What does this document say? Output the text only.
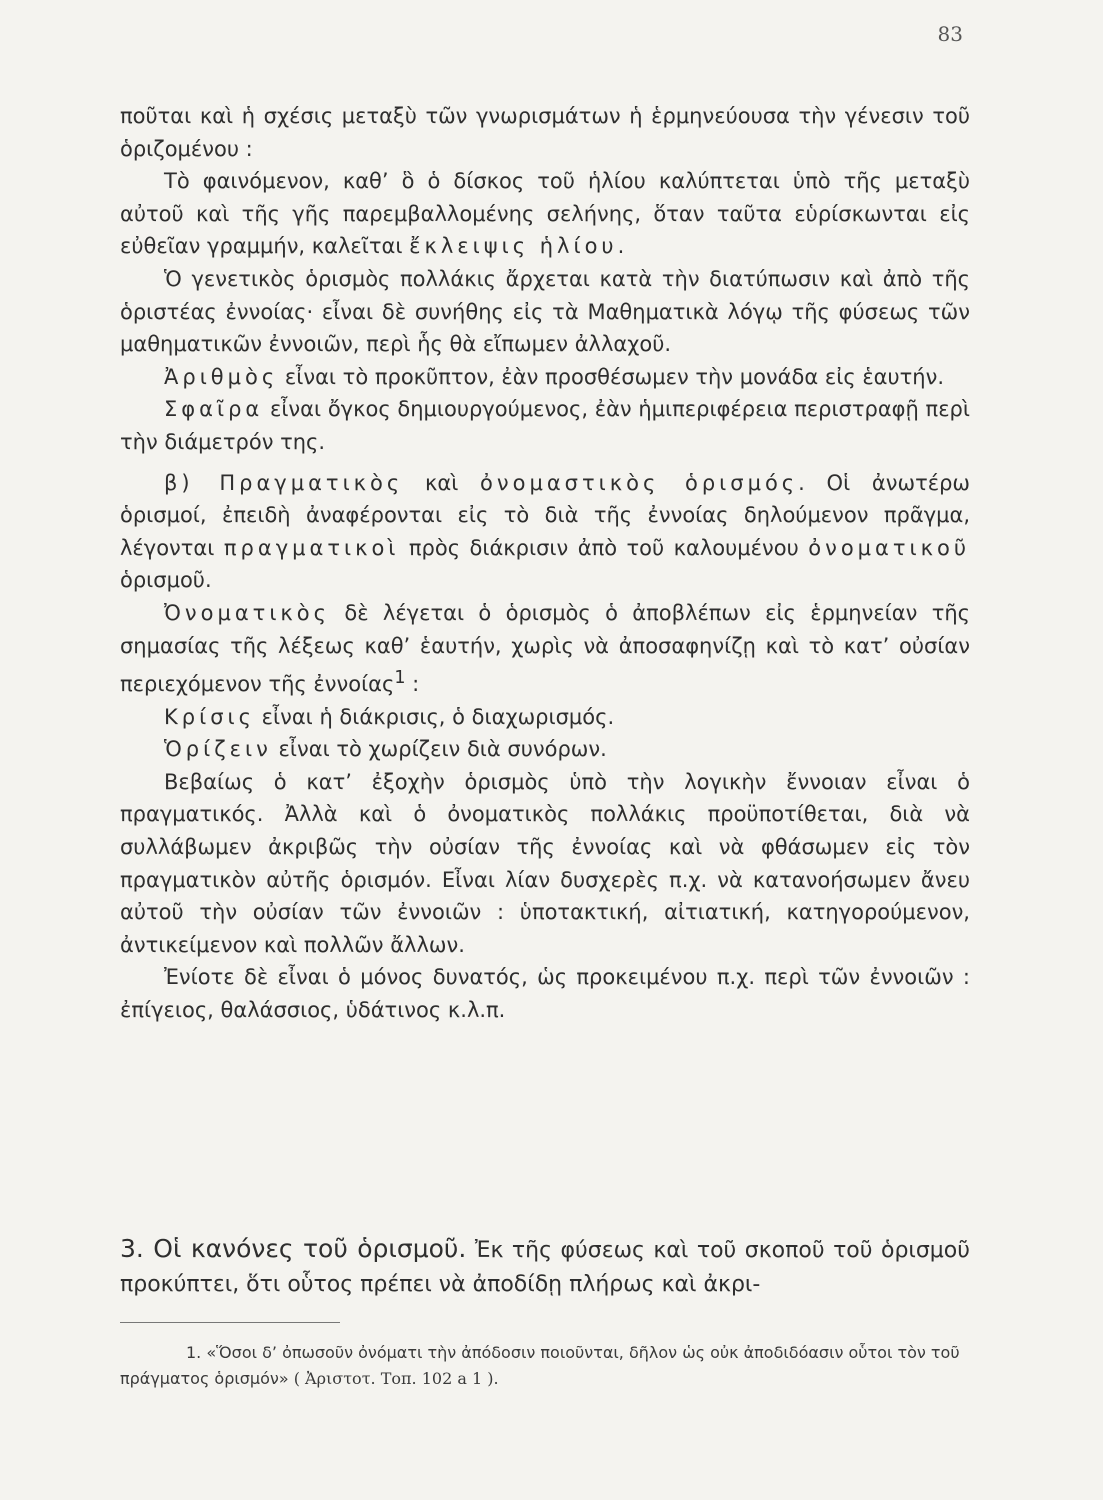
83

ποῦται καὶ ἡ σχέσις μεταξὺ τῶν γνωρισμάτων ἡ ἑρμηνεύουσα τὴν γένεσιν τοῦ ὁριζομένου :

Τὸ φαινόμενον, καθ’ ὃ ὁ δίσκος τοῦ ἡλίου καλύπτεται ὑπὸ τῆς μεταξὺ αὐτοῦ καὶ τῆς γῆς παρεμβαλλομένης σελήνης, ὅταν ταῦτα εὑρίσκωνται εἰς εὐθεῖαν γραμμήν, καλεῖται ἔκλειψις ἡλίου.

Ὁ γενετικὸς ὁρισμὸς πολλάκις ἄρχεται κατὰ τὴν διατύπωσιν καὶ ἀπὸ τῆς ὁριστέας ἐννοίας· εἶναι δὲ συνήθης εἰς τὰ Μαθηματικὰ λόγῳ τῆς φύσεως τῶν μαθηματικῶν ἐννοιῶν, περὶ ἧς θὰ εἴπωμεν ἀλλαχοῦ.

Ἀριθμὸς εἶναι τὸ προκῦπτον, ἐὰν προσθέσωμεν τὴν μονάδα εἰς ἑαυτήν.

Σφαῖρα εἶναι ὄγκος δημιουργούμενος, ἐὰν ἡμιπεριφέρεια περιστραφῇ περὶ τὴν διάμετρόν της.

β) Πραγματικὸς καὶ ὀνομαστικὸς ὁρισμός. Οἱ ἀνωτέρω ὁρισμοί, ἐπειδὴ ἀναφέρονται εἰς τὸ διὰ τῆς ἐννοίας δηλούμενον πρᾶγμα, λέγονται πραγματικοὶ πρὸς διάκρισιν ἀπὸ τοῦ καλουμένου ὀνοματικοῦ ὁρισμοῦ.

Ὀνοματικὸς δὲ λέγεται ὁ ὁρισμὸς ὁ ἀποβλέπων εἰς ἑρμηνείαν τῆς σημασίας τῆς λέξεως καθ’ ἑαυτήν, χωρὶς νὰ ἀποσαφηνίζῃ καὶ τὸ κατ’ οὐσίαν περιεχόμενον τῆς ἐννοίας$^1$ :

Κρίσις εἶναι ἡ διάκρισις, ὁ διαχωρισμός.

Ὁρίζειν εἶναι τὸ χωρίζειν διὰ συνόρων.

Βεβαίως ὁ κατ’ ἐξοχὴν ὁρισμὸς ὑπὸ τὴν λογικὴν ἔννοιαν εἶναι ὁ πραγματικός. Ἀλλὰ καὶ ὁ ὀνοματικὸς πολλάκις προϋποτίθεται, διὰ νὰ συλλάβωμεν ἀκριβῶς τὴν οὐσίαν τῆς ἐννοίας καὶ νὰ φθάσωμεν εἰς τὸν πραγματικὸν αὐτῆς ὁρισμόν. Εἶναι λίαν δυσχερὲς π.χ. νὰ κατανοήσωμεν ἄνευ αὐτοῦ τὴν οὐσίαν τῶν ἐννοιῶν : ὑποτακτική, αἰτιατική, κατηγορούμενον, ἀντικείμενον καὶ πολλῶν ἄλλων.

Ἐνίοτε δὲ εἶναι ὁ μόνος δυνατός, ὡς προκειμένου π.χ. περὶ τῶν ἐννοιῶν : ἐπίγειος, θαλάσσιος, ὑδάτινος κ.λ.π.

3. Οἱ κανόνες τοῦ ὁρισμοῦ. Ἐκ τῆς φύσεως καὶ τοῦ σκοποῦ τοῦ ὁρισμοῦ προκύπτει, ὅτι οὗτος πρέπει νὰ ἀποδίδῃ πλήρως καὶ ἀκρι-

1. «Ὅσοι δ’ ὀπωσοῦν ὀνόματι τὴν ἀπόδοσιν ποιοῦνται, δῆλον ὡς οὐκ ἀποδιδόασιν οὗτοι τὸν τοῦ πράγματος ὁρισμόν» ( Ἀριστοτ. Τοπ. 102 a 1 ).
